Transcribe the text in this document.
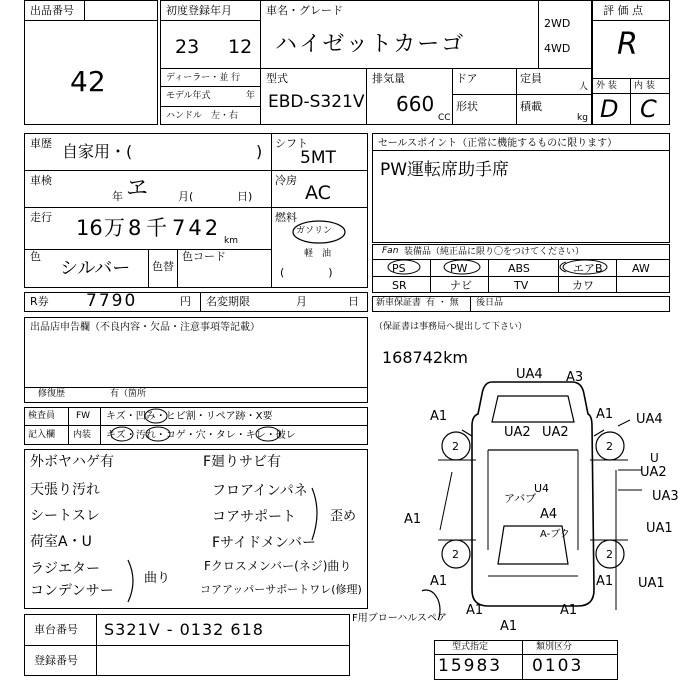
出品番号
42
初度登録年月
23 12
車名・グレード
ハイゼットカーゴ
2WD
4WD
ディーラー・並 行
モデル年式	年
ハンドル　左・右
型式
EBD-S321V
排気量
660
CC
ドア
形状
定員
人
積載
kg
評 価 点
R
外 装 内 装
D C
車歴 自家用・(	)
車検
年 ヱ	月(	日)
走行 16 万 8 千 742
km
色
シルバー 色替
色コード
シフト
5MT
冷房
AC
燃料
ガソリン
軽　油
(　　　　)
R券 7790	円 名変期限	月	日
セールスポイント（正常に機能するものに限ります）
PW運転席助手席
Fan 装備品（純正品に限り〇をつけてください）
PS	PW	ABS	エアB	AW
SR	ナビ	TV	カワ
新車保証書 有 ・ 無 後日品
（保証書は事務局へ提出して下さい）
出品店申告欄（不良内容・欠品・注意事項等記載）
修復歴	有（箇所
検査員
記入欄
FW キズ・凹み・ヒビ割・リペア跡・X要
内装 キズ・汚れ・コゲ・穴・タレ・キレ・破レ
外ボヤハゲ有
天張り汚れ
シートスレ
荷室A・U
ラジエター
コンデンサー
曲り
F廻りサビ有
フロアインパネ
コアサポート
Fサイドメンバー
Fクロスメンバー(ネジ)曲り
コアアッパーサポートワレ(修理)
歪め
168742km
UA4 A3
A1	A1 UA4
UA2 UA2
U
UA2
UA3
UA1
A1
アバブ
U4
A4
A-ブク
UA1
A1	A1
A1	A1
A1
2	2
2	2
F用ブローハルスペア
車台番号 S321V - 0132 618
登録番号
型式指定	類別区分
15983 0103
